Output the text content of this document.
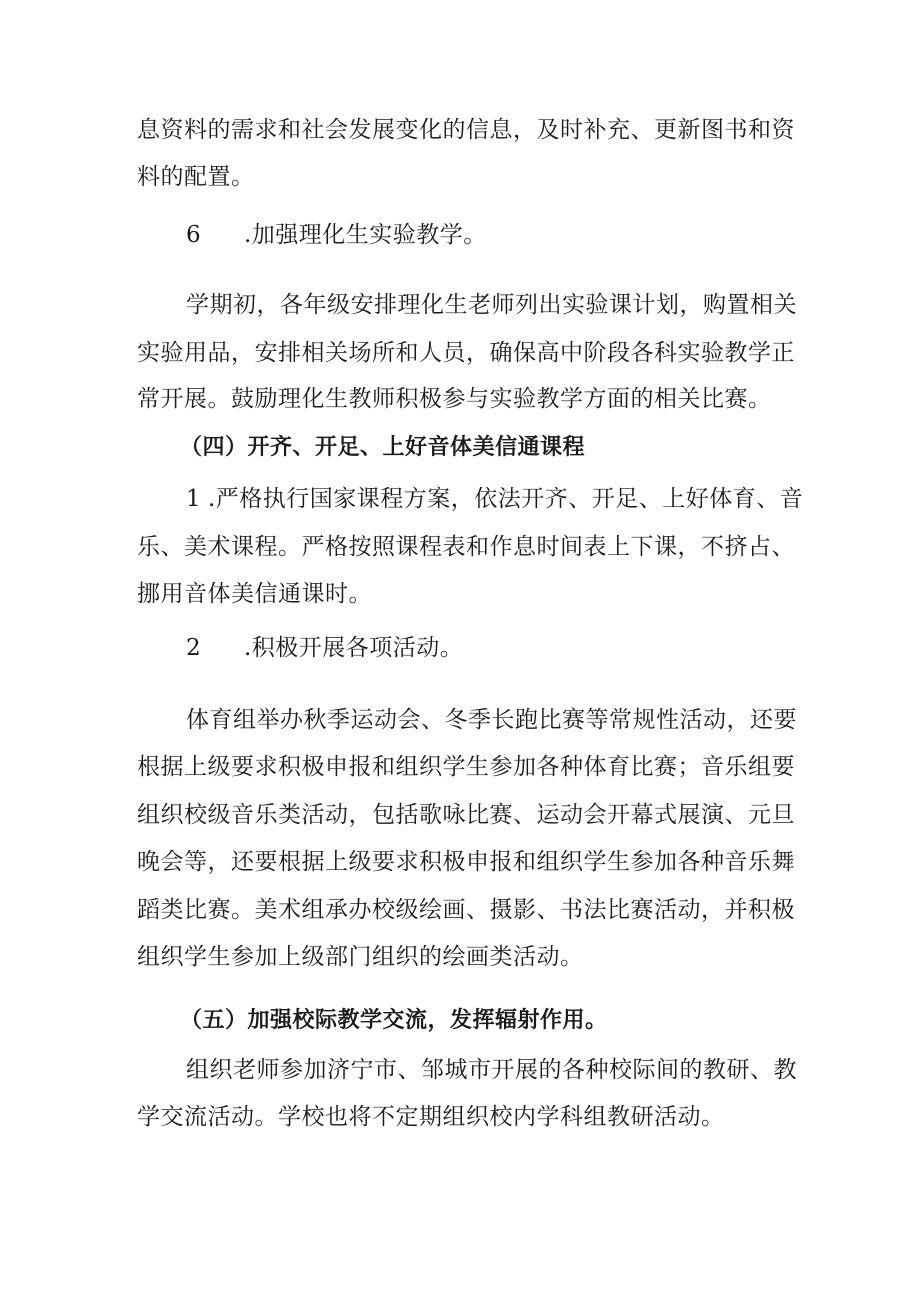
息资料的需求和社会发展变化的信息，及时补充、更新图书和资
料的配置。
6 .加强理化生实验教学。
学期初，各年级安排理化生老师列出实验课计划，购置相关
实验用品，安排相关场所和人员，确保高中阶段各科实验教学正
常开展。鼓励理化生教师积极参与实验教学方面的相关比赛。
（四）开齐、开足、上好音体美信通课程
1 .严格执行国家课程方案，依法开齐、开足、上好体育、音
乐、美术课程。严格按照课程表和作息时间表上下课，不挤占、
挪用音体美信通课时。
2 .积极开展各项活动。
体育组举办秋季运动会、冬季长跑比赛等常规性活动，还要
根据上级要求积极申报和组织学生参加各种体育比赛；音乐组要
组织校级音乐类活动，包括歌咏比赛、运动会开幕式展演、元旦
晚会等，还要根据上级要求积极申报和组织学生参加各种音乐舞
蹈类比赛。美术组承办校级绘画、摄影、书法比赛活动，并积极
组织学生参加上级部门组织的绘画类活动。
（五）加强校际教学交流，发挥辐射作用。
组织老师参加济宁市、邹城市开展的各种校际间的教研、教
学交流活动。学校也将不定期组织校内学科组教研活动。
